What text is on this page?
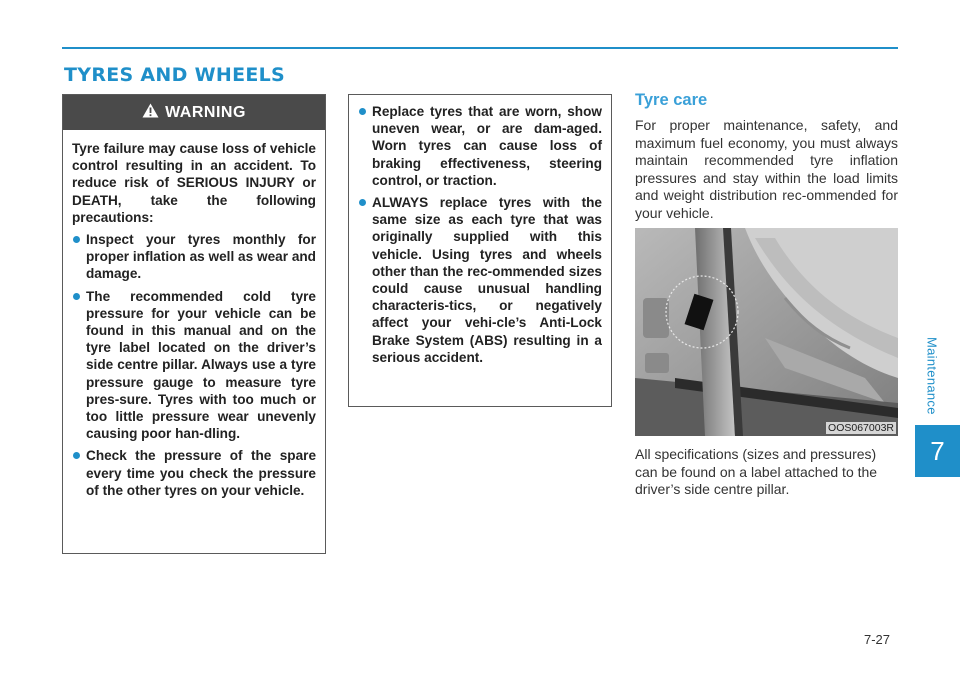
TYRES AND WHEELS
WARNING

Tyre failure may cause loss of vehicle control resulting in an accident. To reduce risk of SERIOUS INJURY or DEATH, take the following precautions:

Inspect your tyres monthly for proper inflation as well as wear and damage.
The recommended cold tyre pressure for your vehicle can be found in this manual and on the tyre label located on the driver’s side centre pillar. Always use a tyre pressure gauge to measure tyre pres-sure. Tyres with too much or too little pressure wear unevenly causing poor han-dling.
Check the pressure of the spare every time you check the pressure of the other tyres on your vehicle.
Replace tyres that are worn, show uneven wear, or are dam-aged. Worn tyres can cause loss of braking effectiveness, steering control, or traction.
ALWAYS replace tyres with the same size as each tyre that was originally supplied with this vehicle. Using tyres and wheels other than the rec-ommended sizes could cause unusual handling characteris-tics, or negatively affect your vehi-cle’s Anti-Lock Brake System (ABS) resulting in a serious accident.
Tyre care
For proper maintenance, safety, and maximum fuel economy, you must always maintain recommended tyre inflation pressures and stay within the load limits and weight distribution rec-ommended for your vehicle.
OOS067003R
All specifications (sizes and pressures) can be found on a label attached to the driver’s side centre pillar.
Maintenance
7
7-27
